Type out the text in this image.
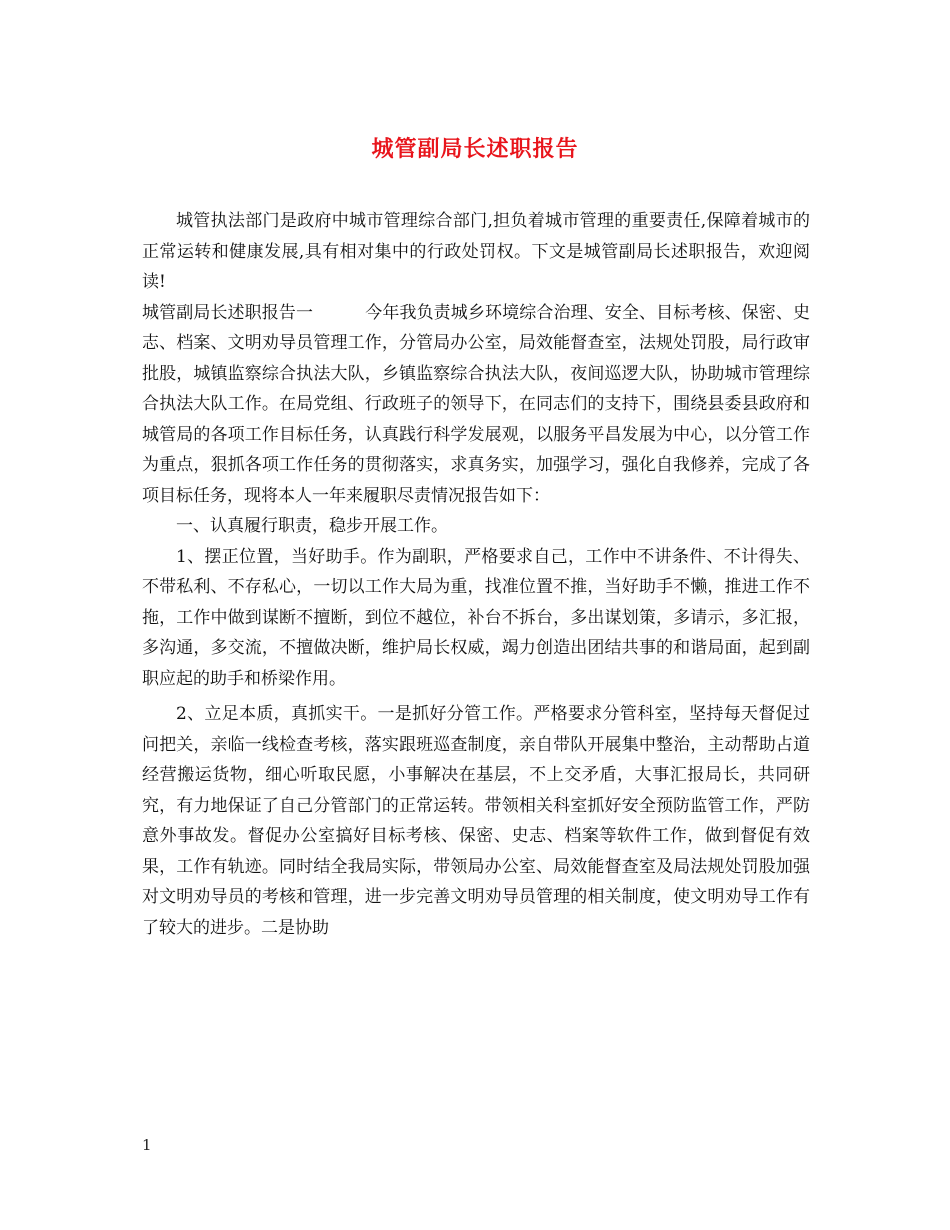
城管副局长述职报告

城管执法部门是政府中城市管理综合部门,担负着城市管理的重要责任,保障着城市的正常运转和健康发展,具有相对集中的行政处罚权。下文是城管副局长述职报告，欢迎阅读!

城管副局长述职报告一	今年我负责城乡环境综合治理、安全、目标考核、保密、史志、档案、文明劝导员管理工作，分管局办公室，局效能督查室，法规处罚股，局行政审批股，城镇监察综合执法大队，乡镇监察综合执法大队，夜间巡逻大队，协助城市管理综合执法大队工作。在局党组、行政班子的领导下，在同志们的支持下，围绕县委县政府和城管局的各项工作目标任务，认真践行科学发展观，以服务平昌发展为中心，以分管工作为重点，狠抓各项工作任务的贯彻落实，求真务实，加强学习，强化自我修养，完成了各项目标任务，现将本人一年来履职尽责情况报告如下：

一、认真履行职责，稳步开展工作。

1、摆正位置，当好助手。作为副职，严格要求自己，工作中不讲条件、不计得失、不带私利、不存私心，一切以工作大局为重，找准位置不推，当好助手不懒，推进工作不拖，工作中做到谋断不擅断，到位不越位，补台不拆台，多出谋划策，多请示，多汇报，多沟通，多交流，不擅做决断，维护局长权威，竭力创造出团结共事的和谐局面，起到副职应起的助手和桥梁作用。

2、立足本质，真抓实干。一是抓好分管工作。严格要求分管科室，坚持每天督促过问把关，亲临一线检查考核，落实跟班巡查制度，亲自带队开展集中整治，主动帮助占道经营搬运货物，细心听取民愿，小事解决在基层，不上交矛盾，大事汇报局长，共同研究，有力地保证了自己分管部门的正常运转。带领相关科室抓好安全预防监管工作，严防意外事故发。督促办公室搞好目标考核、保密、史志、档案等软件工作，做到督促有效果，工作有轨迹。同时结全我局实际，带领局办公室、局效能督查室及局法规处罚股加强对文明劝导员的考核和管理，进一步完善文明劝导员管理的相关制度，使文明劝导工作有了较大的进步。二是协助

1
